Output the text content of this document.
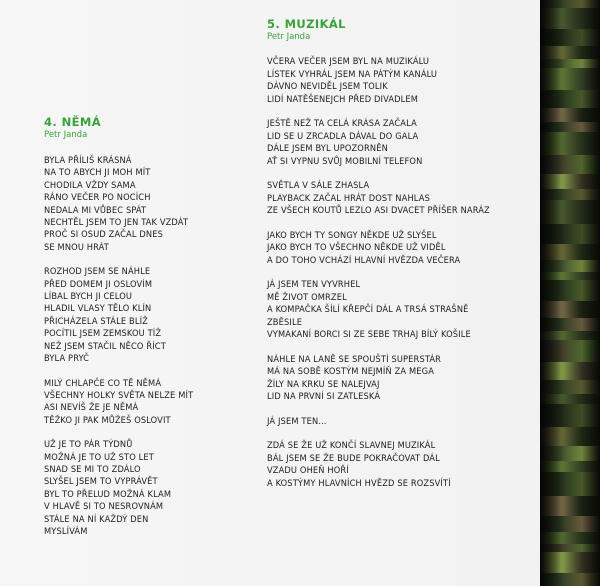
4. NĚMÁ
Petr Janda

BYLA PŘÍLIŠ KRÁSNÁ
NA TO ABYCH JI MOH MÍT
CHODILA VŽDY SAMA
RÁNO VEČER PO NOCÍCH
NEDALA MI VŮBEC SPÁT
NECHTĚL JSEM TO JEN TAK VZDÁT
PROČ SI OSUD ZAČAL DNES
SE MNOU HRÁT

ROZHOD JSEM SE NÁHLE
PŘED DOMEM JI OSLOVÍM
LÍBAL BYCH JI CELOU
HLADIL VLASY TĚLO KLÍN
PŘICHÁZELA STÁLE BLÍŽ
POCÍTIL JSEM ZEMSKOU TÍŽ
NEŽ JSEM STAČIL NĚCO ŘÍCT
BYLA PRYČ

MILÝ CHLAPČE CO TĚ NĚMÁ
VŠECHNY HOLKY SVĚTA NELZE MÍT
ASI NEVÍŠ ŽE JE NĚMÁ
TĚŽKO JI PAK MŮŽEŠ OSLOVIT

UŽ JE TO PÁR TÝDNŮ
MOŽNÁ JE TO UŽ STO LET
SNAD SE MI TO ZDÁLO
SLYŠEL JSEM TO VYPRÁVĚT
BYL TO PŘELUD MOŽNÁ KLAM
V HLAVĚ SI TO NESROVNÁM
STÁLE NA NÍ KAŽDÝ DEN
MYSLÍVÁM

5. MUZIKÁL
Petr Janda

VČERA VEČER JSEM BYL NA MUZIKÁLU
LÍSTEK VYHRÁL JSEM NA PÁTÝM KANÁLU
DÁVNO NEVIDĚL JSEM TOLIK
LIDÍ NATĚŠENEJCH PŘED DIVADLEM

JEŠTĚ NEŽ TA CELÁ KRÁSA ZAČALA
LID SE U ZRCADLA DÁVAL DO GALA
DÁLE JSEM BYL UPOZORNĚN
AŤ SI VYPNU SVŮJ MOBILNÍ TELEFON

SVĚTLA V SÁLE ZHASLA
PLAYBACK ZAČAL HRÁT DOST NAHLAS
ZE VŠECH KOUTŮ LEZLO ASI DVACET PŘÍŠER NARÁZ

JAKO BYCH TY SONGY NĚKDE UŽ SLYŠEL
JAKO BYCH TO VŠECHNO NĚKDE UŽ VIDĚL
A DO TOHO VCHÁZÍ HLAVNÍ HVĚZDA VEČERA

JÁ JSEM TEN VYVRHEL
MĚ ŽIVOT OMRZEL
A KOMPAČKA ŠÍLÍ KŘEPČÍ DÁL A TRSÁ STRAŠNĚ
ZBĚSILE
VYMAKANÍ BORCI SI ZE SEBE TRHAJ BÍLÝ KOŠILE

NÁHLE NA LANĚ SE SPOUŠTÍ SUPERSTÁR
MÁ NA SOBĚ KOSTÝM NEJMÍŇ ZA MEGA
ŽÍLY NA KRKU SE NALEJVAJ
LID NA PRVNÍ SI ZATLESKÁ

JÁ JSEM TEN...

ZDÁ SE ŽE UŽ KONČÍ SLAVNEJ MUZIKÁL
BÁL JSEM SE ŽE BUDE POKRAČOVAT DÁL
VZADU OHEŇ HOŘÍ
A KOSTÝMY HLAVNÍCH HVĚZD SE ROZSVÍTÍ
